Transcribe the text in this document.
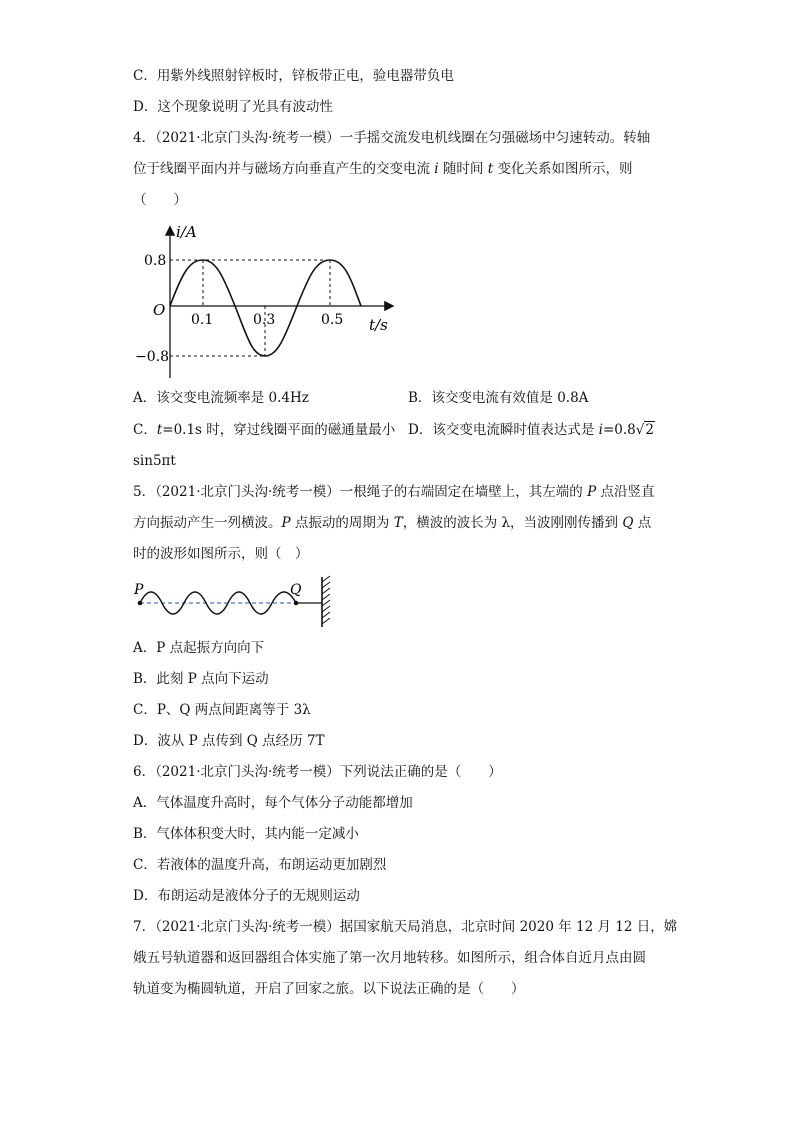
C．用紫外线照射锌板时，锌板带正电，验电器带负电
D．这个现象说明了光具有波动性
4．（2021·北京门头沟·统考一模）一手摇交流发电机线圈在匀强磁场中匀速转动。转轴
位于线圈平面内并与磁场方向垂直产生的交变电流 i 随时间 t 变化关系如图所示，则
（　　）
i/A
t/s
O
0.8
−0.8
0.1	0.3	0.5
A．该交变电流频率是 0.4Hz	B．该交变电流有效值是 0.8A
C．t=0.1s 时，穿过线圈平面的磁通量最小 D．该交变电流瞬时值表达式是 i=0.8√2
sin5πt
5．（2021·北京门头沟·统考一模）一根绳子的右端固定在墙壁上，其左端的 P 点沿竖直
方向振动产生一列横波。P 点振动的周期为 T，横波的波长为 λ，当波刚刚传播到 Q 点
时的波形如图所示，则（　）
P	Q
A．P 点起振方向向下
B．此刻 P 点向下运动
C．P、Q 两点间距离等于 3λ
D．波从 P 点传到 Q 点经历 7T
6．（2021·北京门头沟·统考一模）下列说法正确的是（　　）
A．气体温度升高时，每个气体分子动能都增加
B．气体体积变大时，其内能一定减小
C．若液体的温度升高，布朗运动更加剧烈
D．布朗运动是液体分子的无规则运动
7．（2021·北京门头沟·统考一模）据国家航天局消息，北京时间 2020 年 12 月 12 日，嫦
娥五号轨道器和返回器组合体实施了第一次月地转移。如图所示，组合体自近月点由圆
轨道变为椭圆轨道，开启了回家之旅。以下说法正确的是（　　）
